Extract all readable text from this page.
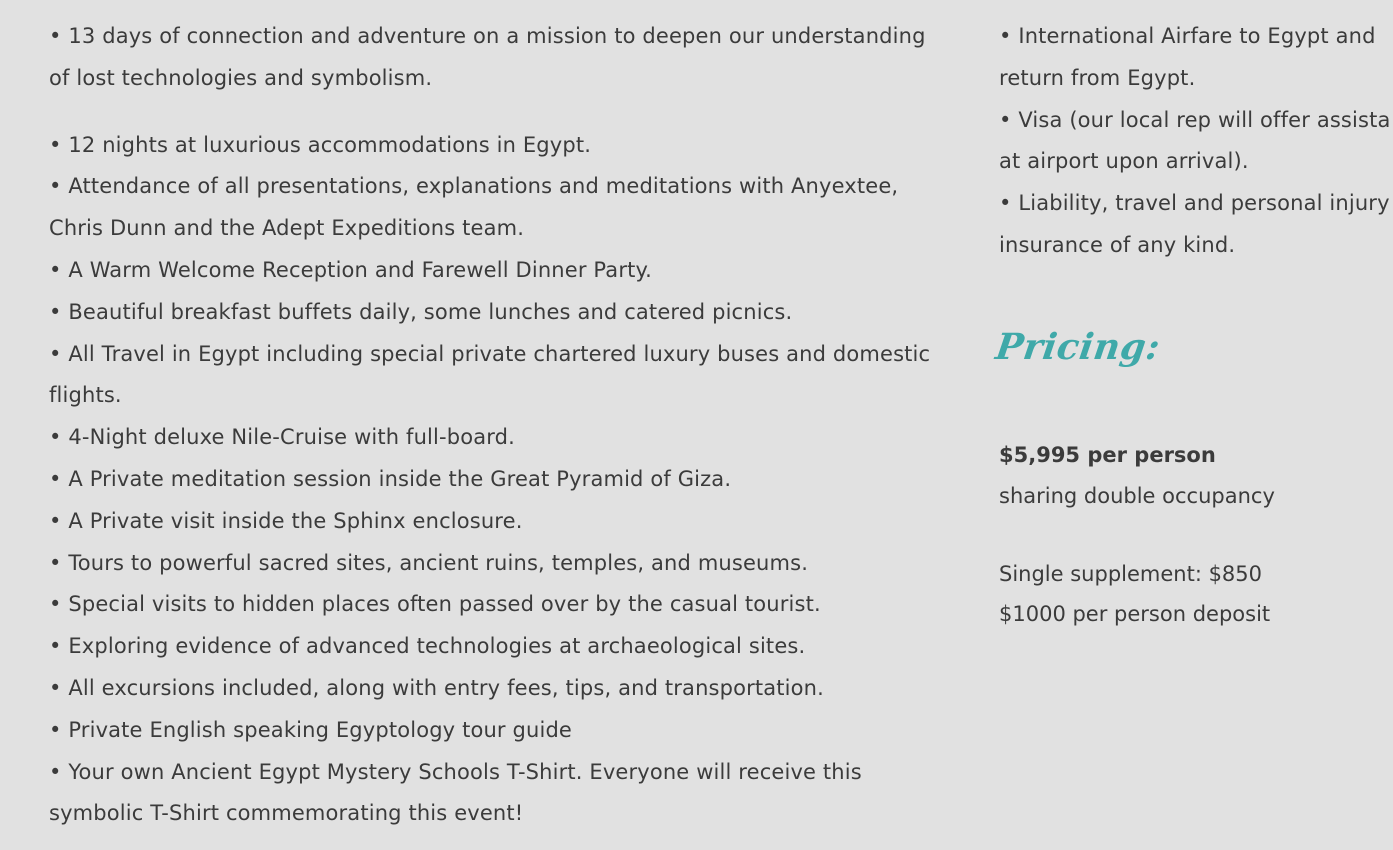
• 13 days of connection and adventure on a mission to deepen our understanding

of lost technologies and symbolism.

• 12 nights at luxurious accommodations in Egypt.

• Attendance of all presentations, explanations and meditations with Anyextee,

Chris Dunn and the Adept Expeditions team.

• A Warm Welcome Reception and Farewell Dinner Party.

• Beautiful breakfast buffets daily, some lunches and catered picnics.

• All Travel in Egypt including special private chartered luxury buses and domestic

flights.

• 4-Night deluxe Nile-Cruise with full-board.

• A Private meditation session inside the Great Pyramid of Giza.

• A Private visit inside the Sphinx enclosure.

• Tours to powerful sacred sites, ancient ruins, temples, and museums.

• Special visits to hidden places often passed over by the casual tourist.

• Exploring evidence of advanced technologies at archaeological sites.

• All excursions included, along with entry fees, tips, and transportation.

• Private English speaking Egyptology tour guide

• Your own Ancient Egypt Mystery Schools T-Shirt. Everyone will receive this

symbolic T-Shirt commemorating this event!

• International Airfare to Egypt and

return from Egypt.

• Visa (our local rep will offer assista

at airport upon arrival).

• Liability, travel and personal injury

insurance of any kind.

Pricing:

$5,995 per person

sharing double occupancy

Single supplement: $850

$1000 per person deposit
